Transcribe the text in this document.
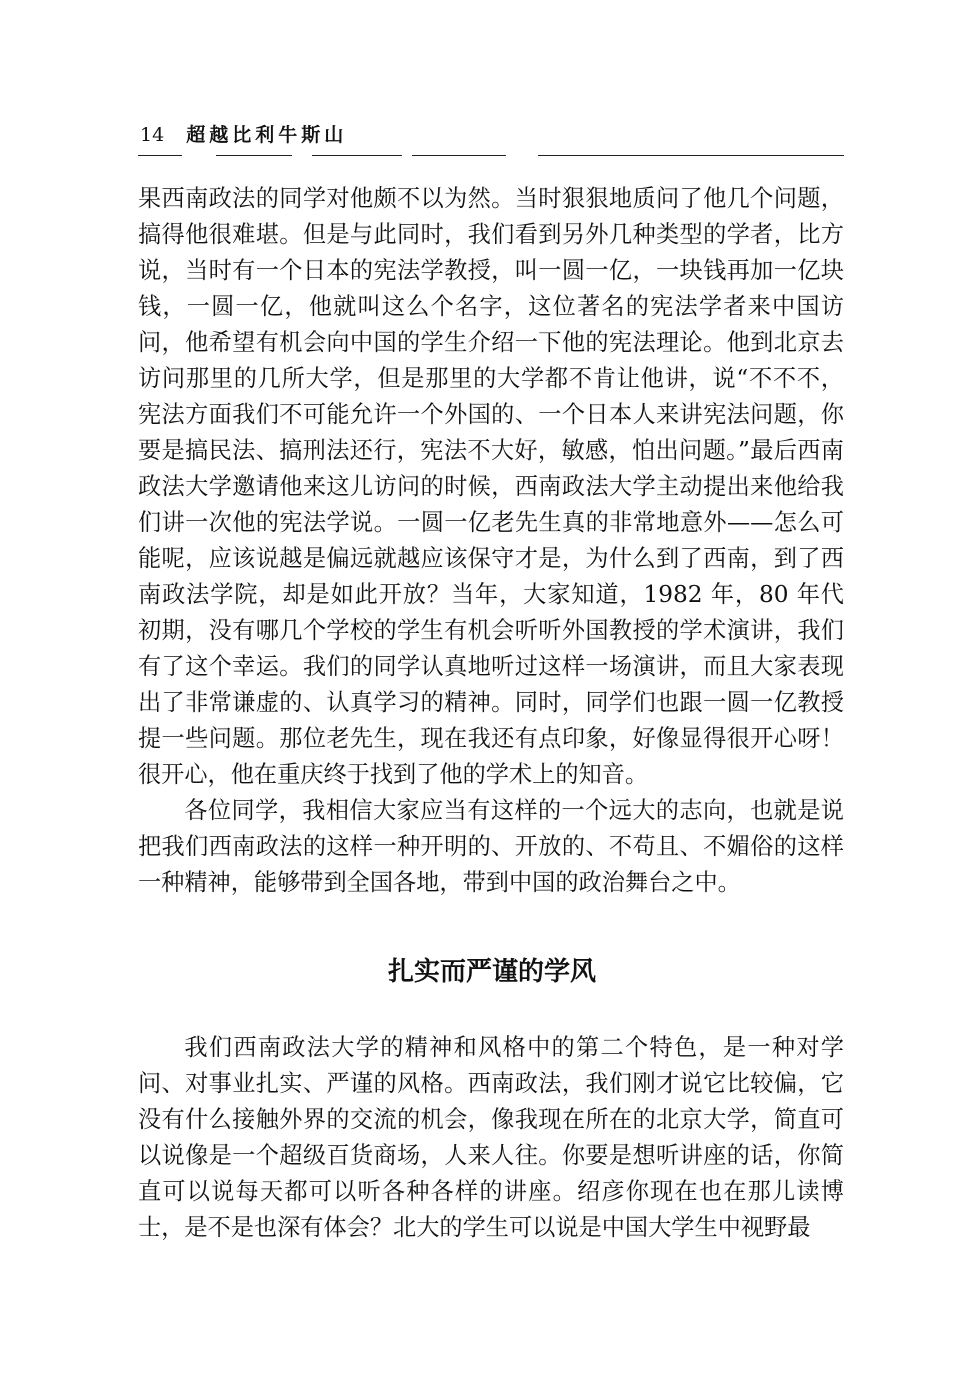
14 超越比利牛斯山

果西南政法的同学对他颇不以为然。当时狠狠地质问了他几个问题，搞得他很难堪。但是与此同时，我们看到另外几种类型的学者，比方说，当时有一个日本的宪法学教授，叫一圆一亿，一块钱再加一亿块钱，一圆一亿，他就叫这么个名字，这位著名的宪法学者来中国访问，他希望有机会向中国的学生介绍一下他的宪法理论。他到北京去访问那里的几所大学，但是那里的大学都不肯让他讲，说“不不不，宪法方面我们不可能允许一个外国的、一个日本人来讲宪法问题，你要是搞民法、搞刑法还行，宪法不大好，敏感，怕出问题。”最后西南政法大学邀请他来这儿访问的时候，西南政法大学主动提出来他给我们讲一次他的宪法学说。一圆一亿老先生真的非常地意外——怎么可能呢，应该说越是偏远就越应该保守才是，为什么到了西南，到了西南政法学院，却是如此开放？当年，大家知道，1982 年，80 年代初期，没有哪几个学校的学生有机会听听外国教授的学术演讲，我们有了这个幸运。我们的同学认真地听过这样一场演讲，而且大家表现出了非常谦虚的、认真学习的精神。同时，同学们也跟一圆一亿教授提一些问题。那位老先生，现在我还有点印象，好像显得很开心呀！很开心，他在重庆终于找到了他的学术上的知音。

各位同学，我相信大家应当有这样的一个远大的志向，也就是说把我们西南政法的这样一种开明的、开放的、不苟且、不媚俗的这样一种精神，能够带到全国各地，带到中国的政治舞台之中。

扎实而严谨的学风

我们西南政法大学的精神和风格中的第二个特色，是一种对学问、对事业扎实、严谨的风格。西南政法，我们刚才说它比较偏，它没有什么接触外界的交流的机会，像我现在所在的北京大学，简直可以说像是一个超级百货商场，人来人往。你要是想听讲座的话，你简直可以说每天都可以听各种各样的讲座。绍彦你现在也在那儿读博士，是不是也深有体会？北大的学生可以说是中国大学生中视野最
